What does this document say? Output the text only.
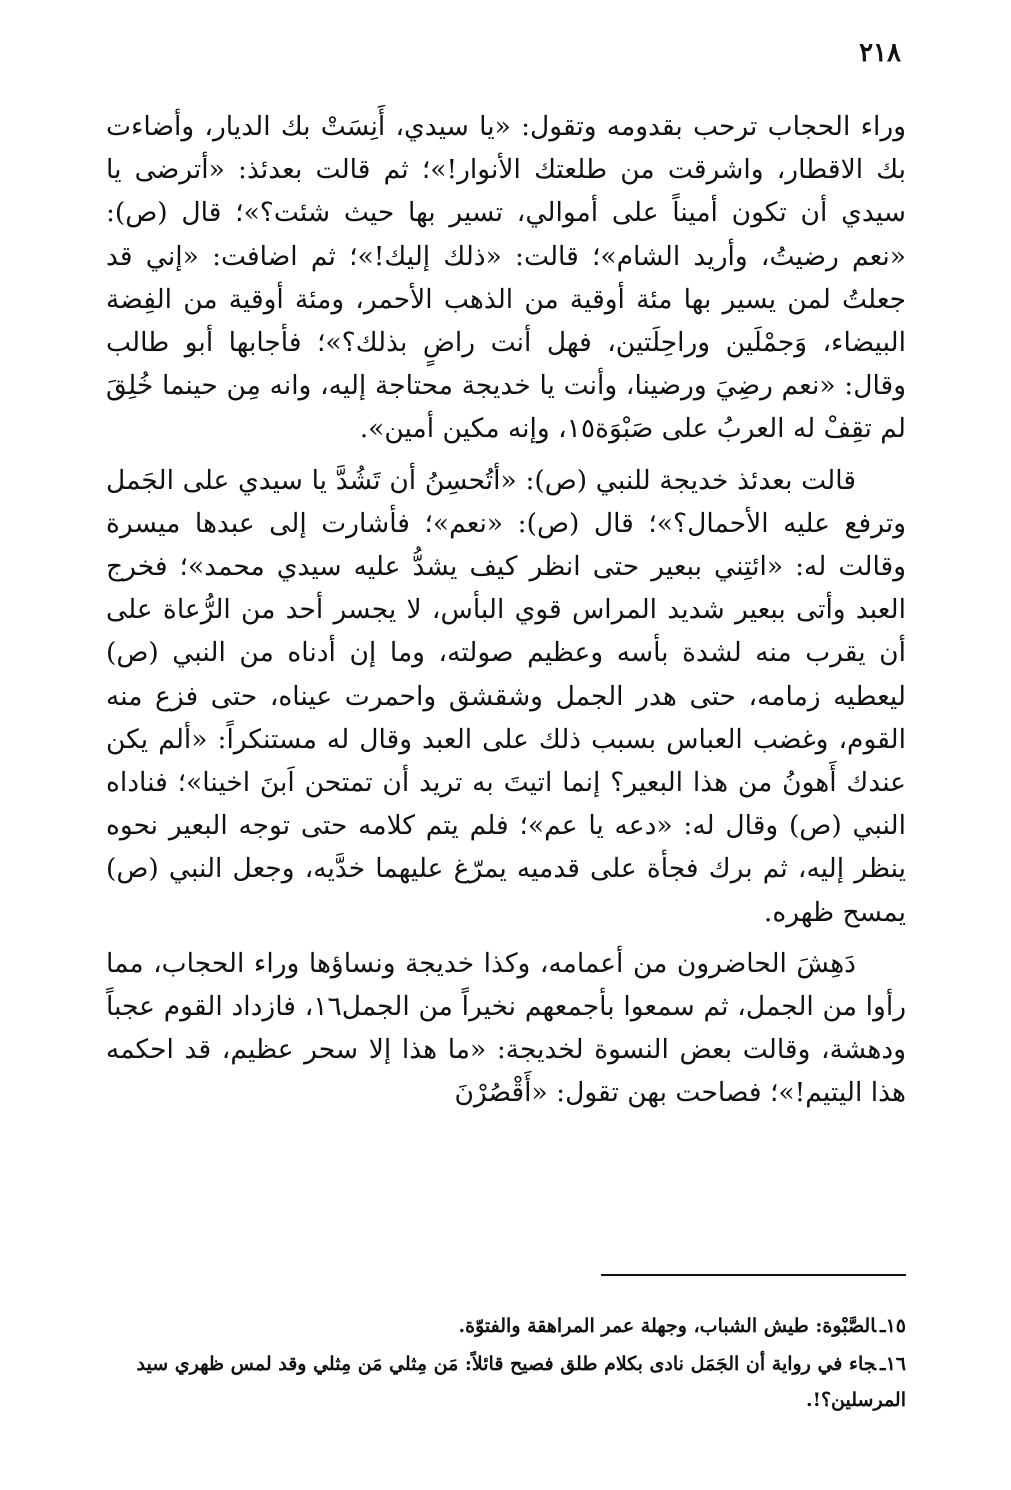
٢١٨

وراء الحجاب ترحب بقدومه وتقول: «يا سيدي، أَنِسَتْ بك الديار، وأضاءت بك الاقطار، واشرقت من طلعتك الأنوار!»؛ ثم قالت بعدئذ: «أترضى يا سيدي أن تكون أميناً على أموالي، تسير بها حيث شئت؟»؛ قال (ص): «نعم رضيتُ، وأريد الشام»؛ قالت: «ذلك إليك!»؛ ثم اضافت: «إني قد جعلتُ لمن يسير بها مئة أوقية من الذهب الأحمر، ومئة أوقية من الفِضة البيضاء، وَجمْلَين وراحِلَتين، فهل أنت راضٍ بذلك؟»؛ فأجابها أبو طالب وقال: «نعم رضِيَ ورضينا، وأنت يا خديجة محتاجة إليه، وانه مِن حينما خُلِقَ لم تقِفْ له العربُ على صَبْوَة١٥، وإنه مكين أمين».

قالت بعدئذ خديجة للنبي (ص): «أتُحسِنُ أن تَشُدَّ يا سيدي على الجَمل وترفع عليه الأحمال؟»؛ قال (ص): «نعم»؛ فأشارت إلى عبدها ميسرة وقالت له: «ائتِني ببعير حتى انظر كيف يشدُّ عليه سيدي محمد»؛ فخرج العبد وأتى ببعير شديد المراس قوي البأس، لا يجسر أحد من الرُّعاة على أن يقرب منه لشدة بأسه وعظيم صولته، وما إن أدناه من النبي (ص) ليعطيه زمامه، حتى هدر الجمل وشقشق واحمرت عيناه، حتى فزع منه القوم، وغضب العباس بسبب ذلك على العبد وقال له مستنكراً: «ألم يكن عندك أَهونُ من هذا البعير؟ إنما اتيتَ به تريد أن تمتحن اَبنَ اخينا»؛ فناداه النبي (ص) وقال له: «دعه يا عم»؛ فلم يتم كلامه حتى توجه البعير نحوه ينظر إليه، ثم برك فجأة على قدميه يمرّغ عليهما خدَّيه، وجعل النبي (ص) يمسح ظهره.

دَهِشَ الحاضرون من أعمامه، وكذا خديجة ونساؤها وراء الحجاب، مما رأوا من الجمل، ثم سمعوا بأجمعهم نخيراً من الجمل١٦، فازداد القوم عجباً ودهشة، وقالت بعض النسوة لخديجة: «ما هذا إلا سحر عظيم، قد احكمه هذا اليتيم!»؛ فصاحت بهن تقول: «أَقْصُرْنَ

١٥ـالصَّبْوة: طيش الشباب، وجهلة عمر المراهقة والفتوّة.

١٦ـجاء في رواية أن الجَمَل نادى بكلام طلق فصيح قائلاً: مَن مِثلي مَن مِثلي وقد لمس ظهري سيد المرسلين؟!.
